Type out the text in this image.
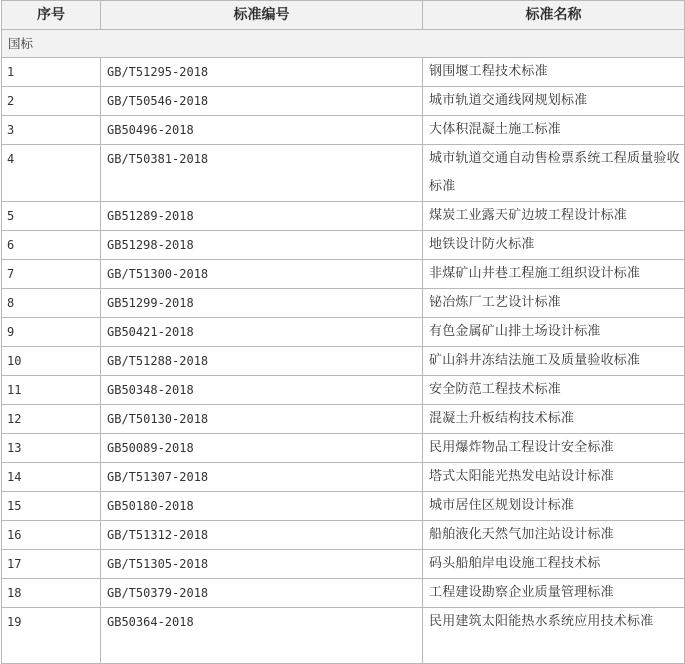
序号	标准编号	标准名称
国标		
1	GB/T51295-2018	钢围堰工程技术标准
2	GB/T50546-2018	城市轨道交通线网规划标准
3	GB50496-2018	大体积混凝土施工标准
4	GB/T50381-2018	城市轨道交通自动售检票系统工程质量验收标准
5	GB51289-2018	煤炭工业露天矿边坡工程设计标准
6	GB51298-2018	地铁设计防火标准
7	GB/T51300-2018	非煤矿山井巷工程施工组织设计标准
8	GB51299-2018	铋冶炼厂工艺设计标准
9	GB50421-2018	有色金属矿山排土场设计标准
10	GB/T51288-2018	矿山斜井冻结法施工及质量验收标准
11	GB50348-2018	安全防范工程技术标准
12	GB/T50130-2018	混凝土升板结构技术标准
13	GB50089-2018	民用爆炸物品工程设计安全标准
14	GB/T51307-2018	塔式太阳能光热发电站设计标准
15	GB50180-2018	城市居住区规划设计标准
16	GB/T51312-2018	船舶液化天然气加注站设计标准
17	GB/T51305-2018	码头船舶岸电设施工程技术标
18	GB/T50379-2018	工程建设勘察企业质量管理标准
19	GB50364-2018	民用建筑太阳能热水系统应用技术标准
